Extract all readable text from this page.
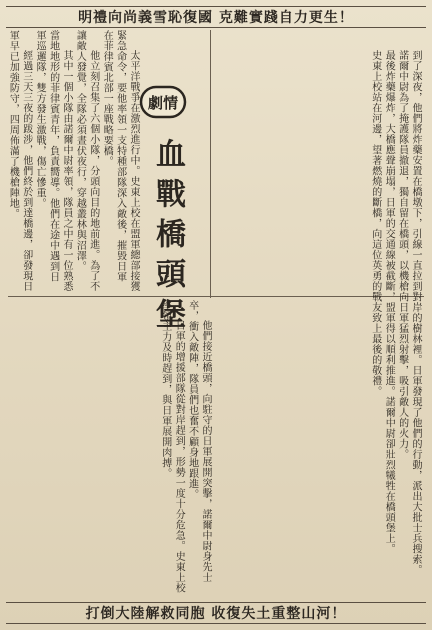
明禮向尚義雪恥復國 克難實踐自力更生！

太平洋戰爭在激烈進行中。史東上校在盟軍總部接獲緊急命令，要他率領一支特種部隊深入敵後，摧毀日軍在菲律賓北部一座戰略要橋。

他立刻召集了六個小隊，分頭向目的地前進。為了不讓敵人發覺，全隊必須晝伏夜行，穿越叢林與沼澤。

其中一個小隊由諾爾中尉率領，隊員之中有一位熟悉當地地形的菲律賓青年，負責嚮導。他們在途中遇到日軍巡邏隊，雙方發生激戰，傷亡慘重。

經過三天三夜的跋涉，他們終於到達橋邊，卻發現日軍早已加強防守，四周佈滿了機槍陣地。	劇情
血戰橋頭堡

他們接近橋頭，向駐守的日軍展開突擊，諾爾中尉身先士卒，衝入敵陣，隊員們也奮不顧身地跟進。

日軍的增援部隊從對岸趕到，形勢一度十分危急。史東上校率領主力及時趕到，與日軍展開肉搏。	到了深夜，他們將炸藥安置在橋墩下，引線一直拉到對岸的樹林裡。日軍發現了他們的行動，派出大批士兵搜索。

諾爾中尉為了掩護隊員撤退，獨自留在橋頭，以機槍向日軍猛烈射擊，吸引敵人的火力。

最後炸藥爆炸，大橋應聲崩塌，日軍的交通線被截斷，盟軍得以順利推進。諾爾中尉卻壯烈犧牲在橋頭堡上。

史東上校站在河邊，望著燃燒的斷橋，向這位英勇的戰友致上最後的敬禮。

打倒大陸解救同胞 收復失土重整山河！
